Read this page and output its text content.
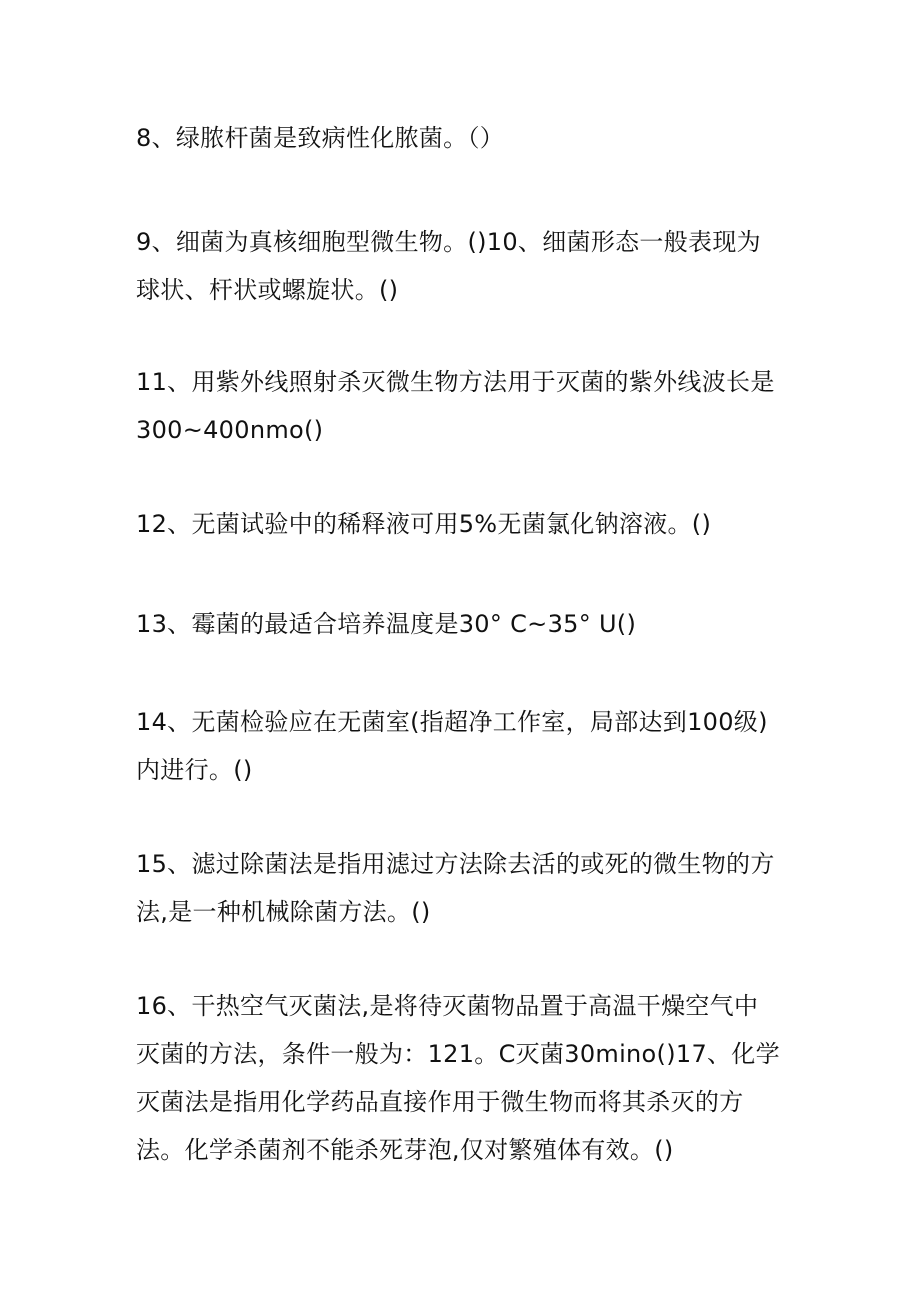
8、绿脓杆菌是致病性化脓菌。（）
9、细菌为真核细胞型微生物。()10、细菌形态一般表现为
球状、杆状或螺旋状。()
11、用紫外线照射杀灭微生物方法用于灭菌的紫外线波长是
300~400nmo()
12、无菌试验中的稀释液可用5%无菌氯化钠溶液。()
13、霉菌的最适合培养温度是30° C~35° U()
14、无菌检验应在无菌室(指超净工作室，局部达到100级)
内进行。()
15、滤过除菌法是指用滤过方法除去活的或死的微生物的方
法,是一种机械除菌方法。()
16、干热空气灭菌法,是将待灭菌物品置于高温干燥空气中
灭菌的方法，条件一般为：121。C灭菌30mino()17、化学
灭菌法是指用化学药品直接作用于微生物而将其杀灭的方
法。化学杀菌剂不能杀死芽泡,仅对繁殖体有效。()
